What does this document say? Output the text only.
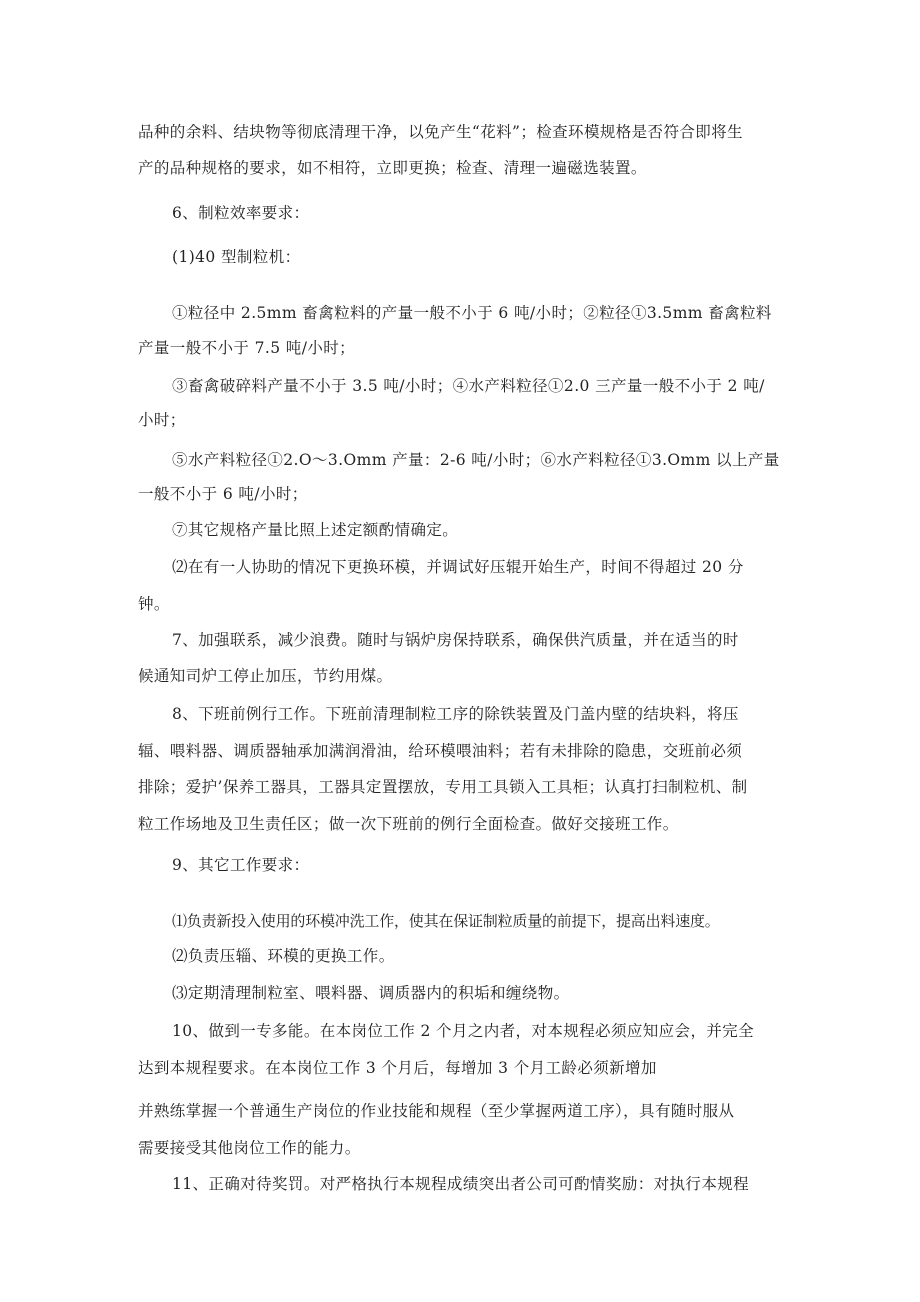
品种的余料、结块物等彻底清理干净，以免产生“花料”；检查环模规格是否符合即将生
产的品种规格的要求，如不相符，立即更换；检查、清理一遍磁选装置。
6、制粒效率要求：
(1)40 型制粒机：
①粒径中 2.5mm 畜禽粒料的产量一般不小于 6 吨/小时；②粒径①3.5mm 畜禽粒料
产量一般不小于 7.5 吨/小时；
③畜禽破碎料产量不小于 3.5 吨/小时；④水产料粒径①2.0 三产量一般不小于 2 吨/
小时；
⑤水产料粒径①2.O～3.Omm 产量：2-6 吨/小时；⑥水产料粒径①3.Omm 以上产量
一般不小于 6 吨/小时；
⑦其它规格产量比照上述定额酌情确定。
⑵在有一人协助的情况下更换环模，并调试好压辊开始生产，时间不得超过 20 分
钟。
7、加强联系，减少浪费。随时与锅炉房保持联系，确保供汽质量，并在适当的时
候通知司炉工停止加压，节约用煤。
8、下班前例行工作。下班前清理制粒工序的除铁装置及门盖内壁的结块料，将压
辐、喂料器、调质器轴承加满润滑油，给环模喂油料；若有未排除的隐患，交班前必须
排除；爱护’保养工器具，工器具定置摆放，专用工具锁入工具柜；认真打扫制粒机、制
粒工作场地及卫生责任区；做一次下班前的例行全面检查。做好交接班工作。
9、其它工作要求：
⑴负责新投入使用的环模冲洗工作，使其在保证制粒质量的前提下，提高出料速度。
⑵负责压辎、环模的更换工作。
⑶定期清理制粒室、喂料器、调质器内的积垢和缠绕物。
10、做到一专多能。在本岗位工作 2 个月之内者，对本规程必须应知应会，并完全
达到本规程要求。在本岗位工作 3 个月后，每增加 3 个月工龄必须新增加
并熟练掌握一个普通生产岗位的作业技能和规程（至少掌握两道工序），具有随时服从
需要接受其他岗位工作的能力。
11、正确对待奖罚。对严格执行本规程成绩突出者公司可酌情奖励：对执行本规程
